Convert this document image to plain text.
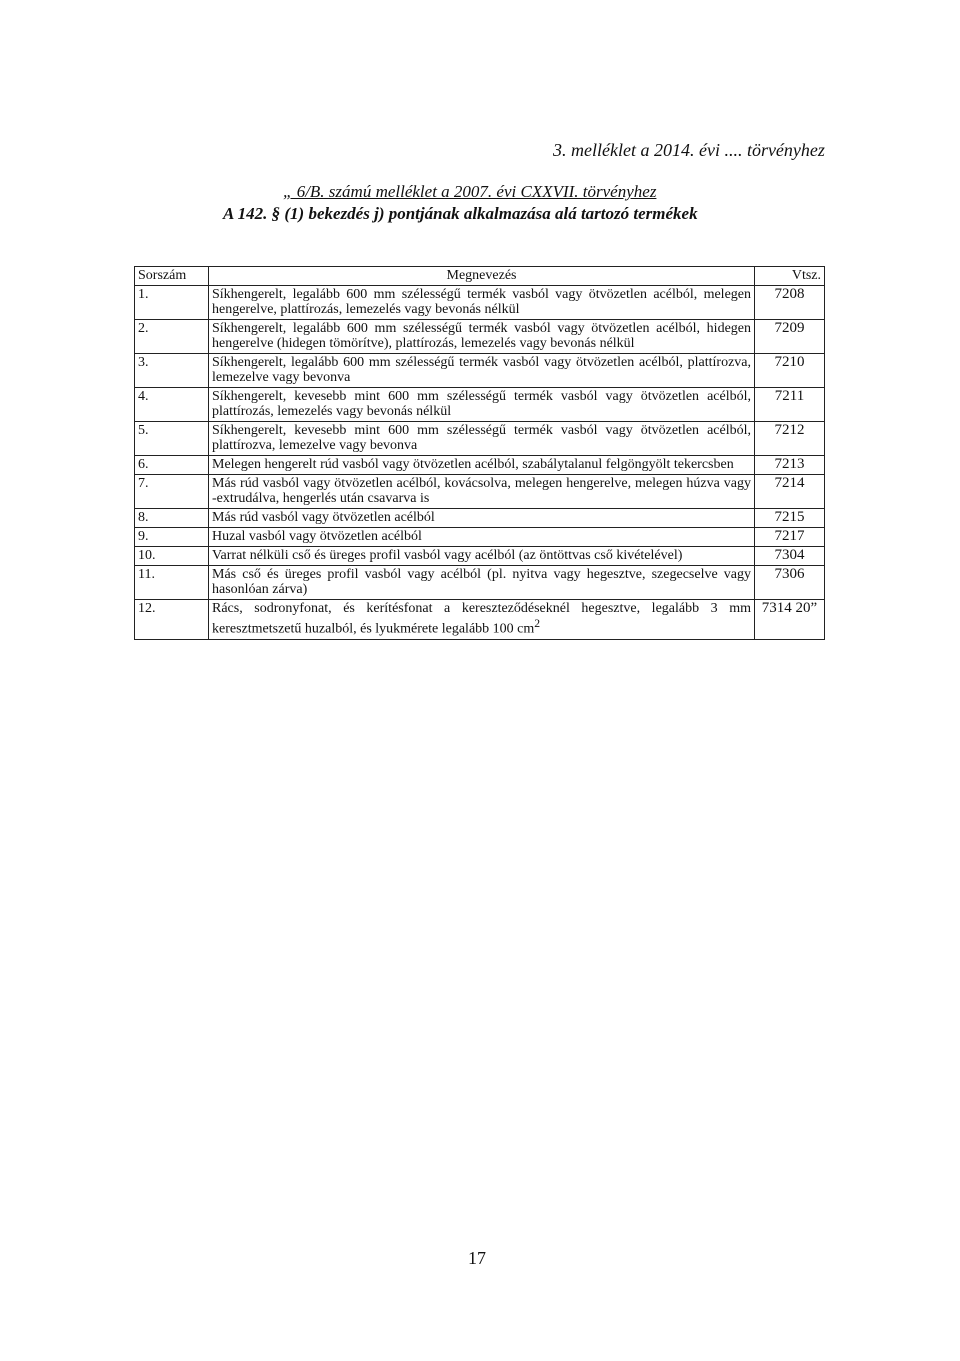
3. melléklet a 2014. évi .... törvényhez
„ 6/B. számú melléklet a 2007. évi CXXVII. törvényhez
A 142. § (1) bekezdés j) pontjának alkalmazása alá tartozó termékek
Sorszám	Megnevezés	Vtsz.
1.	Síkhengerelt, legalább 600 mm szélességű termék vasból vagy ötvözetlen acélból, melegen hengerelve, plattírozás, lemezelés vagy bevonás nélkül	7208
2.	Síkhengerelt, legalább 600 mm szélességű termék vasból vagy ötvözetlen acélból, hidegen hengerelve (hidegen tömörítve), plattírozás, lemezelés vagy bevonás nélkül	7209
3.	Síkhengerelt, legalább 600 mm szélességű termék vasból vagy ötvözetlen acélból, plattírozva, lemezelve vagy bevonva	7210
4.	Síkhengerelt, kevesebb mint 600 mm szélességű termék vasból vagy ötvözetlen acélból, plattírozás, lemezelés vagy bevonás nélkül	7211
5.	Síkhengerelt, kevesebb mint 600 mm szélességű termék vasból vagy ötvözetlen acélból, plattírozva, lemezelve vagy bevonva	7212
6.	Melegen hengerelt rúd vasból vagy ötvözetlen acélból, szabálytalanul felgöngyölt tekercsben	7213
7.	Más rúd vasból vagy ötvözetlen acélból, kovácsolva, melegen hengerelve, melegen húzva vagy -extrudálva, hengerlés után csavarva is	7214
8.	Más rúd vasból vagy ötvözetlen acélból	7215
9.	Huzal vasból vagy ötvözetlen acélból	7217
10.	Varrat nélküli cső és üreges profil vasból vagy acélból (az öntöttvas cső kivételével)	7304
11.	Más cső és üreges profil vasból vagy acélból (pl. nyitva vagy hegesztve, szegecselve vagy hasonlóan zárva)	7306
12.	Rács, sodronyfonat, és kerítésfonat a kereszteződéseknél hegesztve, legalább 3 mm keresztmetszetű huzalból, és lyukmérete legalább 100 $cm^2$	7314 20”
17
